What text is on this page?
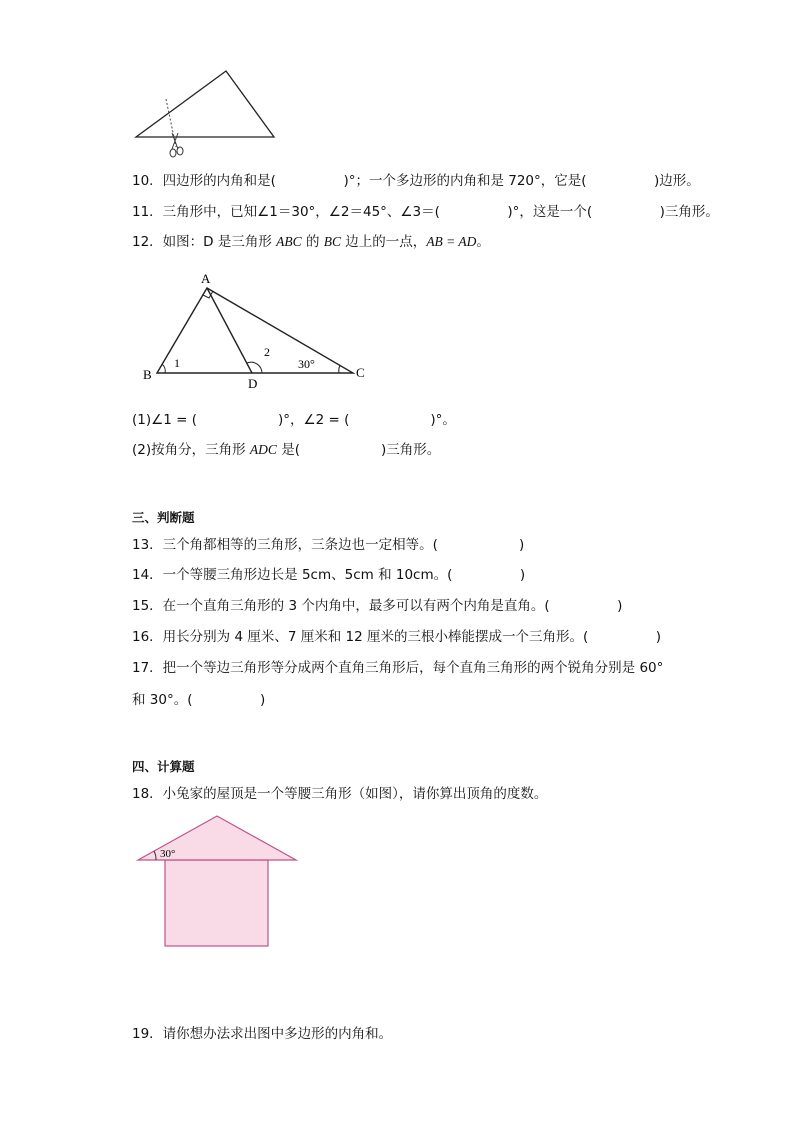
10．四边形的内角和是(　　　　　)°；一个多边形的内角和是 720°，它是(　　　　　)边形。
11．三角形中，已知∠1＝30°，∠2＝45°、∠3＝(　　　　　)°，这是一个(　　　　　)三角形。
12．如图：D 是三角形 ABC 的 BC 边上的一点，AB = AD。
A
B	C
D
1
2
30°
(1)∠1 = (　　　　　　)°，∠2 = (　　　　　　)°。
(2)按角分，三角形 ADC 是(　　　　　　)三角形。
三、判断题
13．三个角都相等的三角形，三条边也一定相等。(　　　　　　)
14．一个等腰三角形边长是 5cm、5cm 和 10cm。(　　　　　)
15．在一个直角三角形的 3 个内角中，最多可以有两个内角是直角。(　　　　　)
16．用长分别为 4 厘米、7 厘米和 12 厘米的三根小棒能摆成一个三角形。(　　　　　)
17．把一个等边三角形等分成两个直角三角形后，每个直角三角形的两个锐角分别是 60°
和 30°。(　　　　　)
四、计算题
18．小兔家的屋顶是一个等腰三角形（如图），请你算出顶角的度数。
30°
19．请你想办法求出图中多边形的内角和。
